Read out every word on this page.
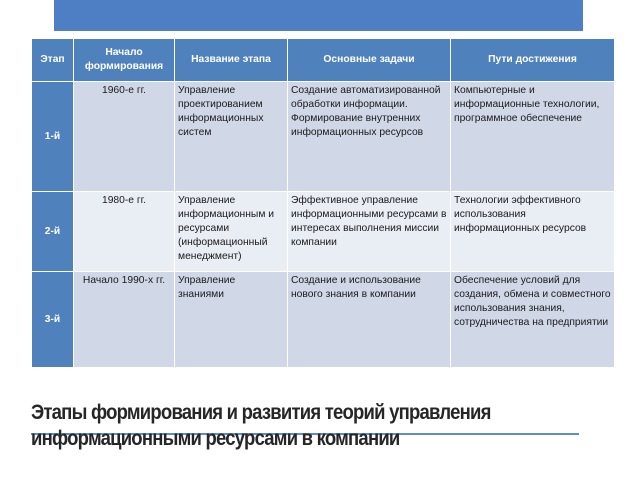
Этап	Начало формирования	Название этапа	Основные задачи	Пути достижения
1-й	1960-е гг.	Управление проектированием информационных систем	Создание автоматизированной обработки информации. Формирование внутренних информационных ресурсов	Компьютерные и информационные технологии, программное обеспечение
2-й	1980-е гг.	Управление информационным и ресурсами (информационный менеджмент)	Эффективное управление информационными ресурсами в интересах выполнения миссии компании	Технологии эффективного использования информационных ресурсов
3-й	Начало 1990-х гг.	Управление знаниями	Создание и использование нового знания в компании	Обеспечение условий для создания, обмена и совместного использования знания, сотрудничества на предприятии
Этапы формирования и развития теорий управления
информационными ресурсами в компании
